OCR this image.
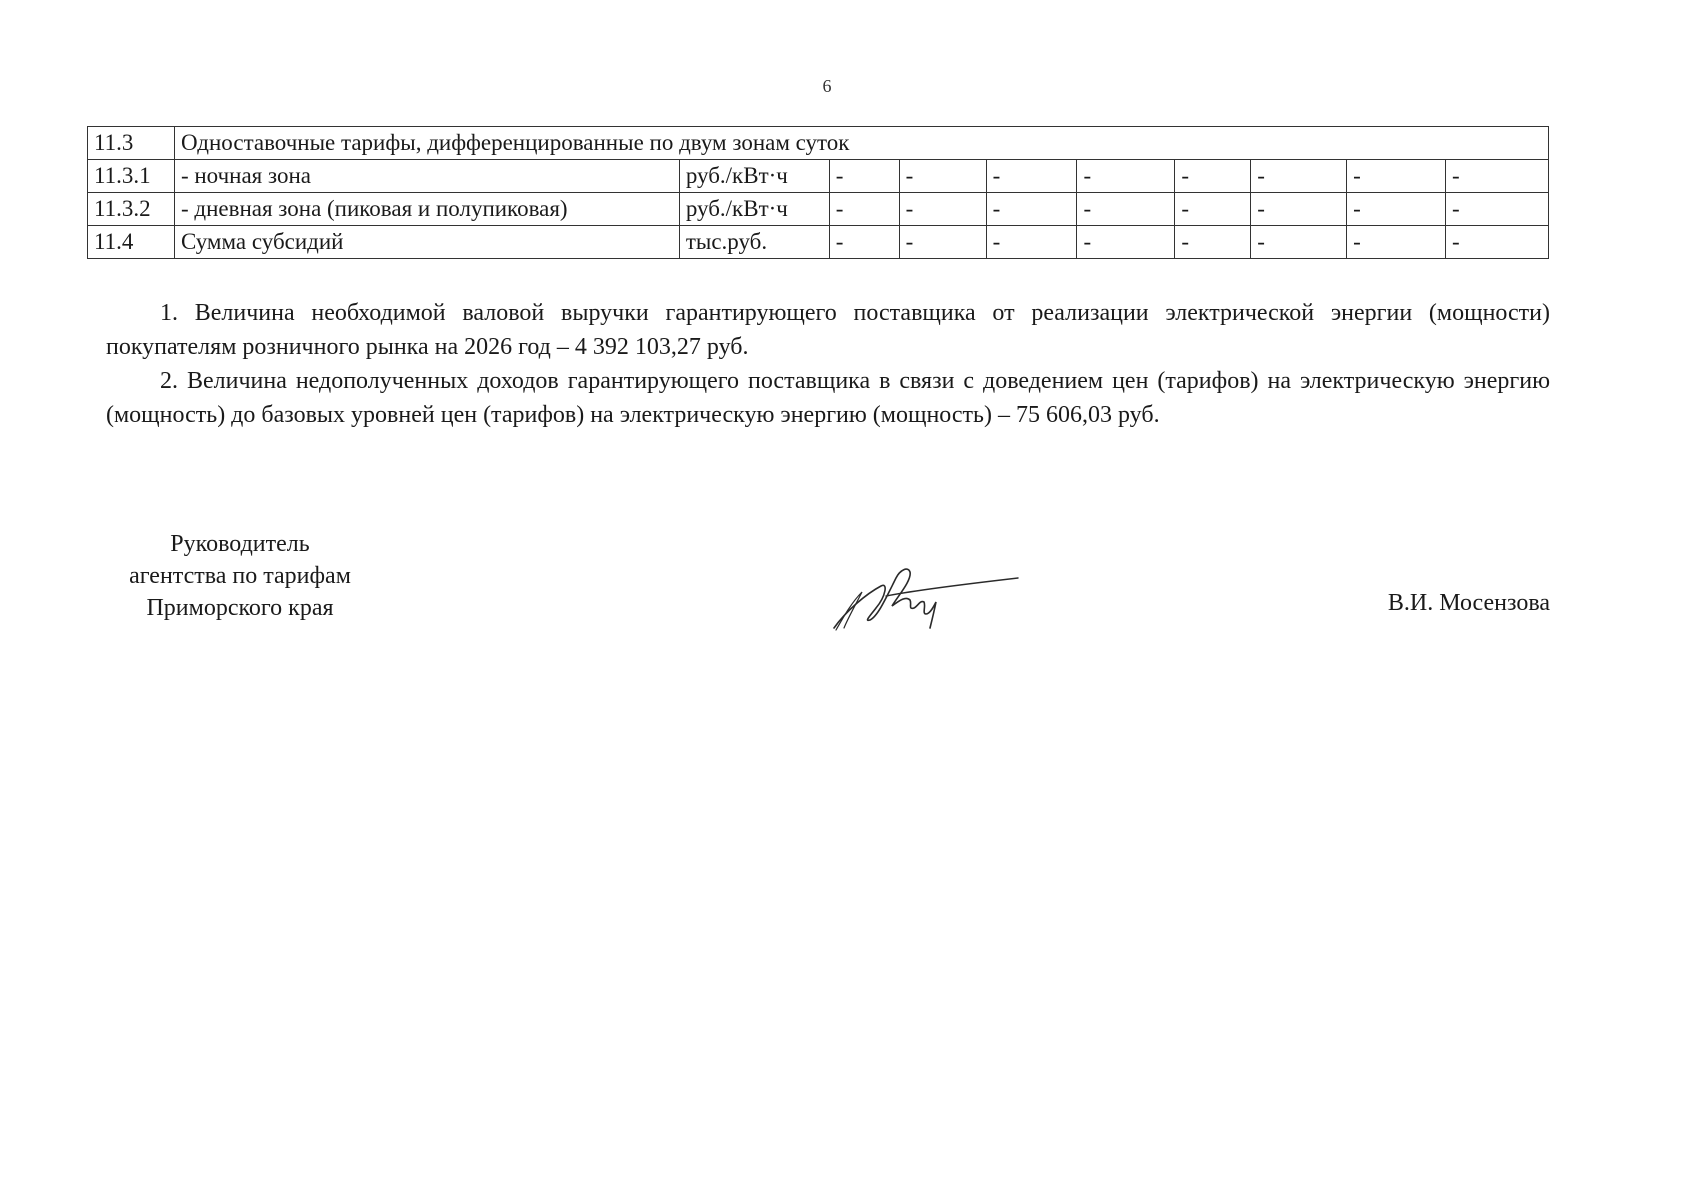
6
11.3	Одноставочные тарифы, дифференцированные по двум зонам суток									
11.3.1	- ночная зона	руб./кВт·ч	-	-	-	-	-	-	-	-
11.3.2	- дневная зона (пиковая и полупиковая)	руб./кВт·ч	-	-	-	-	-	-	-	-
11.4	Сумма субсидий	тыс.руб.	-	-	-	-	-	-	-	-

1. Величина необходимой валовой выручки гарантирующего поставщика от реализации электрической энергии (мощности) покупателям розничного рынка на 2026 год – 4 392 103,27 руб.

2. Величина недополученных доходов гарантирующего поставщика в связи с доведением цен (тарифов) на электрическую энергию (мощность) до базовых уровней цен (тарифов) на электрическую энергию (мощность) – 75 606,03 руб.

Руководитель
агентства по тарифам
Приморского края	В.И. Мосензова
